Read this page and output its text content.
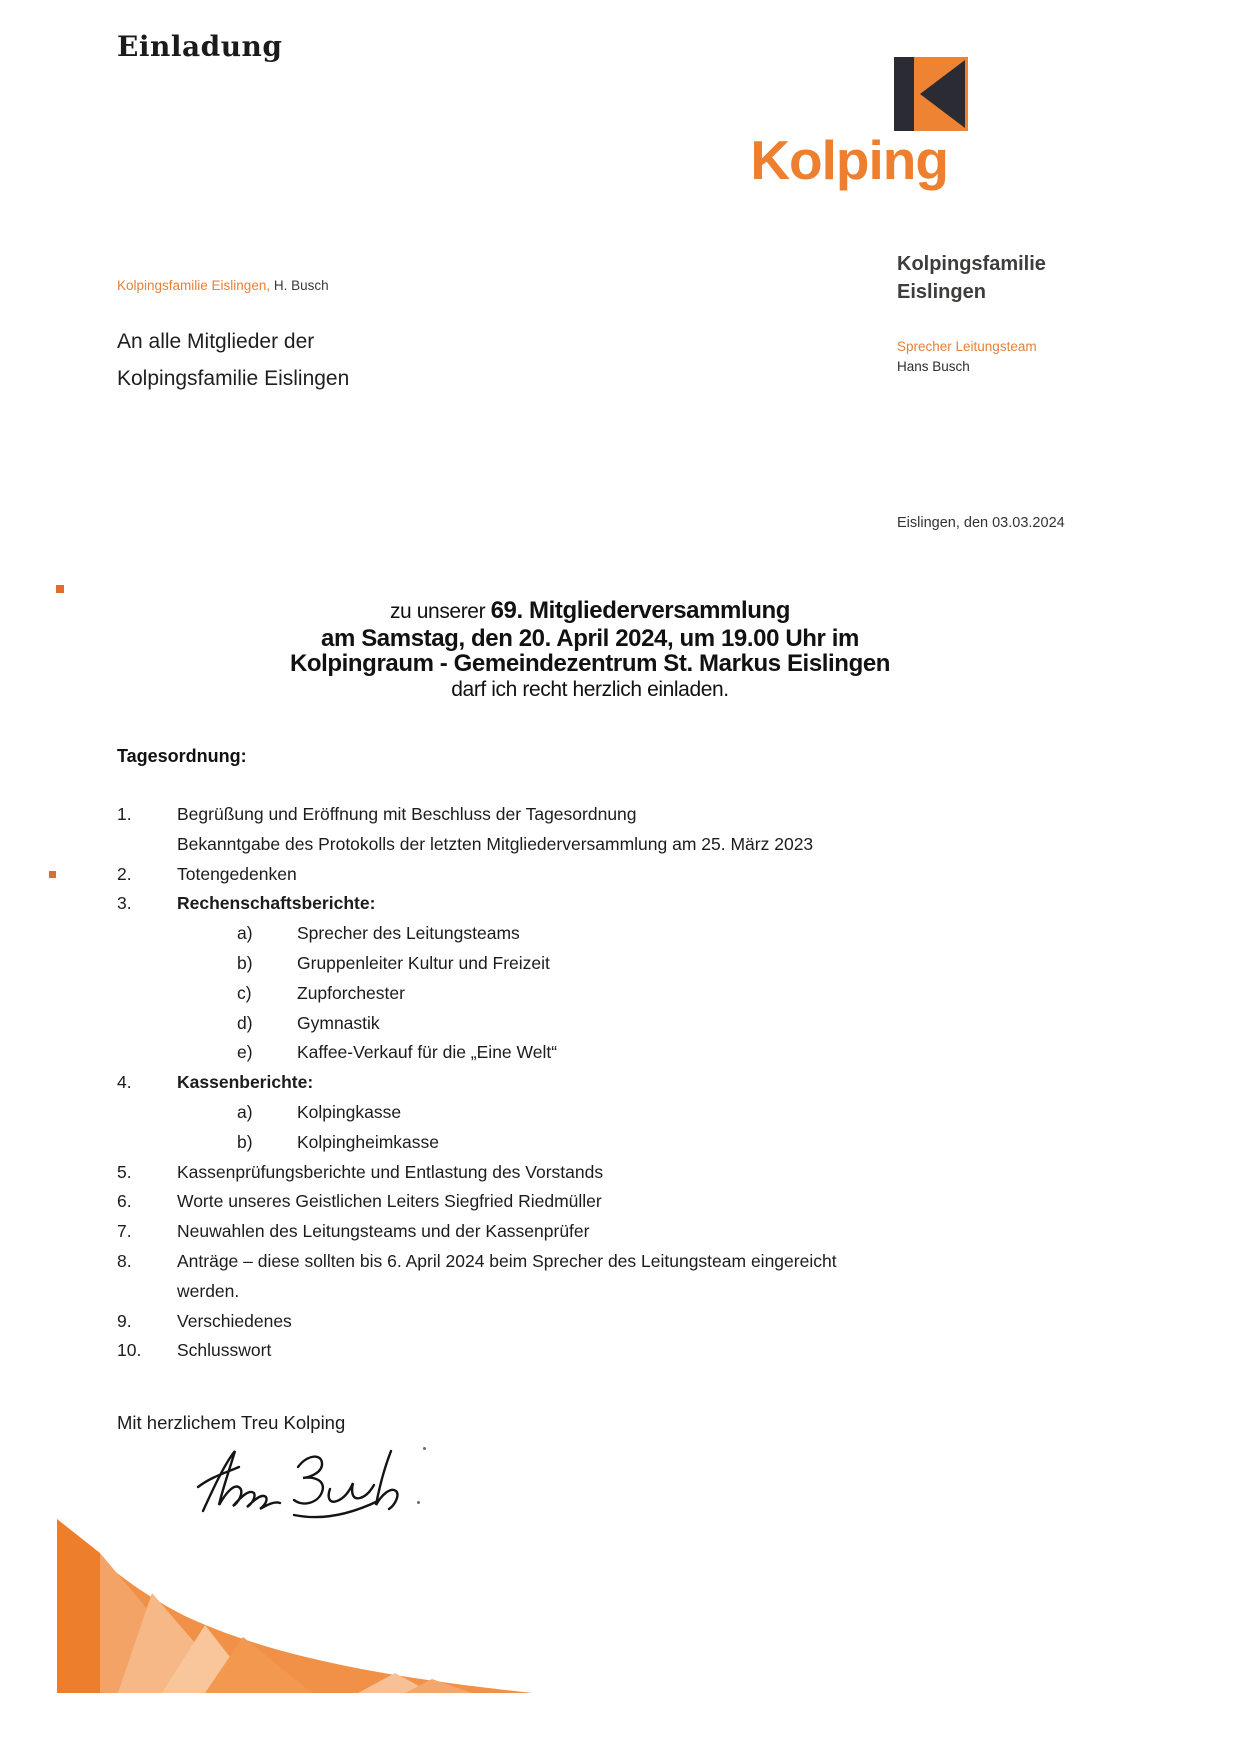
Einladung
Kolping
Kolpingsfamilie
Eislingen
Sprecher Leitungsteam
Hans Busch
Kolpingsfamilie Eislingen, H. Busch
An alle Mitglieder der
Kolpingsfamilie Eislingen
Eislingen, den 03.03.2024
zu unserer 69. Mitgliederversammlung
am Samstag, den 20. April 2024, um 19.00 Uhr im
Kolpingraum - Gemeindezentrum St. Markus Eislingen
darf ich recht herzlich einladen.
Tagesordnung:
1.	Begrüßung und Eröffnung mit Beschluss der Tagesordnung
Bekanntgabe des Protokolls der letzten Mitgliederversammlung am 25. März 2023
2.	Totengedenken
3.	Rechenschaftsberichte:
a)	Sprecher des Leitungsteams
b)	Gruppenleiter Kultur und Freizeit
c)	Zupforchester
d)	Gymnastik
e)	Kaffee-Verkauf für die „Eine Welt“
4.	Kassenberichte:
a)	Kolpingkasse
b)	Kolpingheimkasse
5.	Kassenprüfungsberichte und Entlastung des Vorstands
6.	Worte unseres Geistlichen Leiters Siegfried Riedmüller
7.	Neuwahlen des Leitungsteams und der Kassenprüfer
8.	Anträge – diese sollten bis 6. April 2024 beim Sprecher des Leitungsteam eingereicht
werden.
9.	Verschiedenes
10.	Schlusswort
Mit herzlichem Treu Kolping
